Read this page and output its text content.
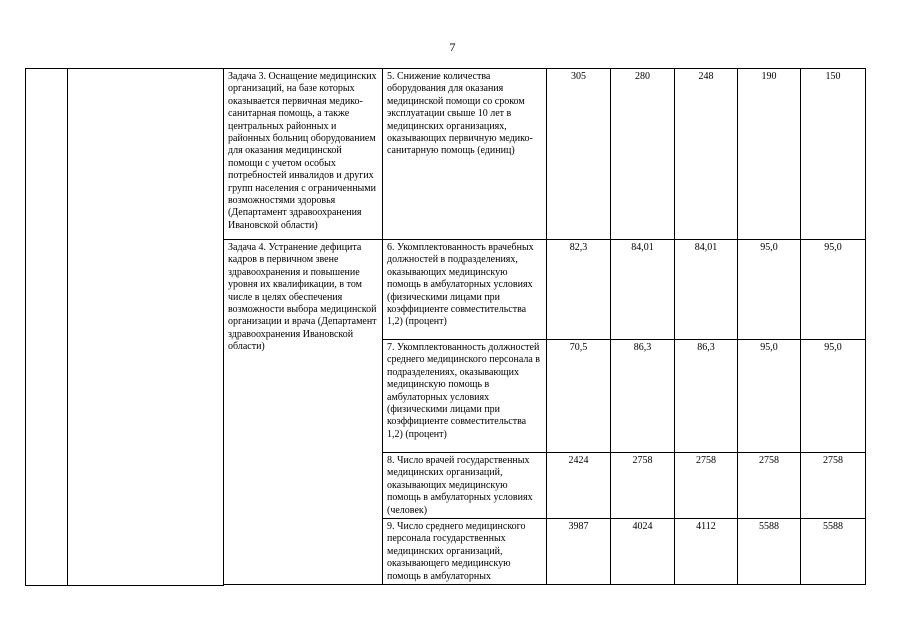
7
		Задача 3. Оснащение медицинских организаций, на базе которых оказывается первичная медико-санитарная помощь, а также центральных районных и районных больниц оборудованием для оказания медицинской помощи с учетом особых потребностей инвалидов и других групп населения с ограниченными возможностями здоровья (Департамент здравоохранения Ивановской области)	5. Снижение количества оборудования для оказания медицинской помощи со сроком эксплуатации свыше 10 лет в медицинских организациях, оказывающих первичную медико-санитарную помощь (единиц)	305	280	248	190	150
		Задача 4. Устранение дефицита кадров в первичном звене здравоохранения и повышение уровня их квалификации, в том числе в целях обеспечения возможности выбора медицинской организации и врача (Департамент здравоохранения Ивановской области)	6. Укомплектованность врачебных должностей в подразделениях, оказывающих медицинскую помощь в амбулаторных условиях (физическими лицами при коэффициенте совместительства 1,2) (процент)	82,3	84,01	84,01	95,0	95,0
			7. Укомплектованность должностей среднего медицинского персонала в подразделениях, оказывающих медицинскую помощь в амбулаторных условиях (физическими лицами при коэффициенте совместительства 1,2) (процент)	70,5	86,3	86,3	95,0	95,0
			8. Число врачей государственных медицинских организаций, оказывающих медицинскую помощь в амбулаторных условиях (человек)	2424	2758	2758	2758	2758
			9. Число среднего медицинского персонала государственных медицинских организаций, оказывающего медицинскую помощь в амбулаторных	3987	4024	4112	5588	5588
